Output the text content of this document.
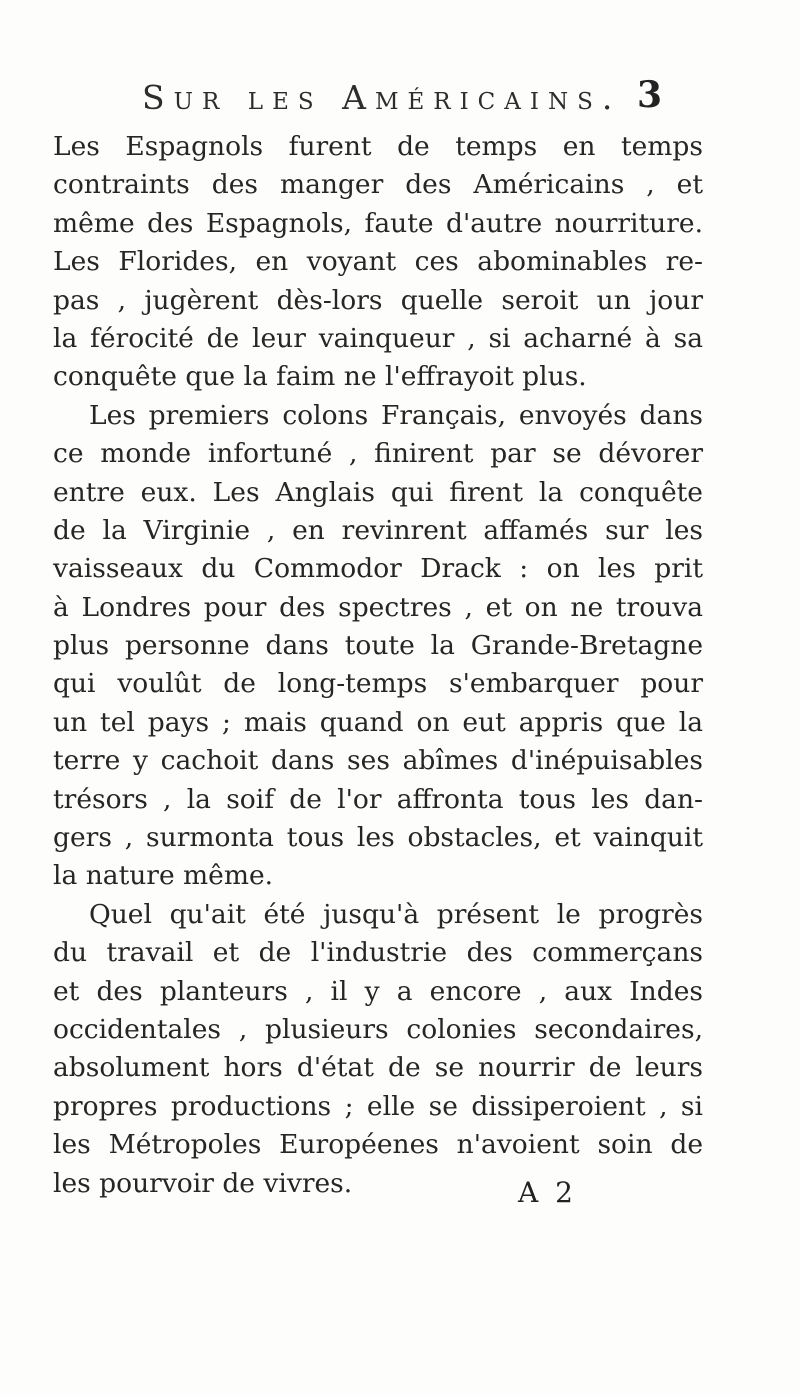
Sur les Américains. 3
Les Espagnols furent de temps en temps
contraints des manger des Américains , et
même des Espagnols, faute d'autre nourriture.
Les Florides, en voyant ces abominables re-
pas , jugèrent dès-lors quelle seroit un jour
la férocité de leur vainqueur , si acharné à sa
conquête que la faim ne l'effrayoit plus.
Les premiers colons Français, envoyés dans
ce monde infortuné , finirent par se dévorer
entre eux. Les Anglais qui firent la conquête
de la Virginie , en revinrent affamés sur les
vaisseaux du Commodor Drack : on les prit
à Londres pour des spectres , et on ne trouva
plus personne dans toute la Grande-Bretagne
qui voulût de long-temps s'embarquer pour
un tel pays ; mais quand on eut appris que la
terre y cachoit dans ses abîmes d'inépuisables
trésors , la soif de l'or affronta tous les dan-
gers , surmonta tous les obstacles, et vainquit
la nature même.
Quel qu'ait été jusqu'à présent le progrès
du travail et de l'industrie des commerçans
et des planteurs , il y a encore , aux Indes
occidentales , plusieurs colonies secondaires,
absolument hors d'état de se nourrir de leurs
propres productions ; elle se dissiperoient , si
les Métropoles Européenes n'avoient soin de
les pourvoir de vivres.	A 2
